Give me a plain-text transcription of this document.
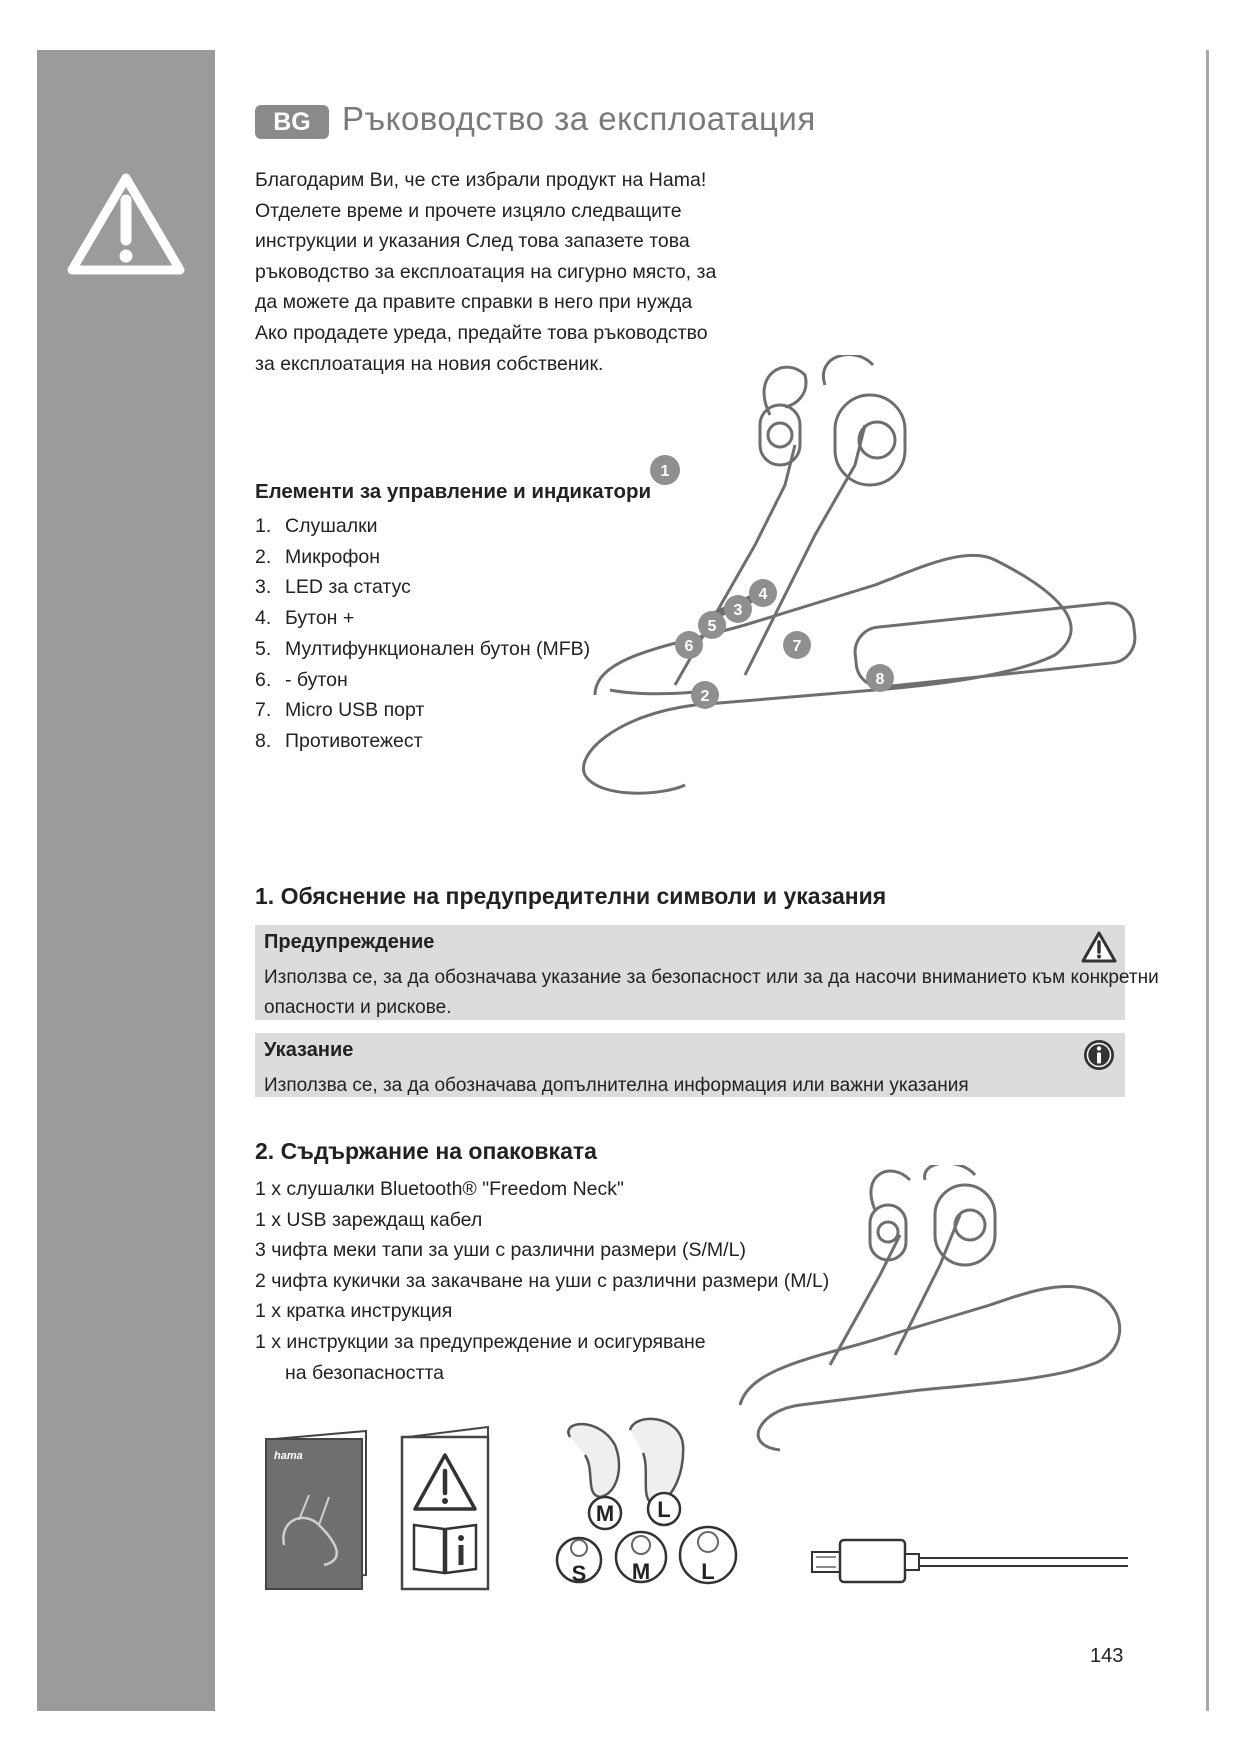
BG Ръководство за експлоатация

Благодарим Ви, че сте избрали продукт на Hama!

Отделете време и прочете изцяло следващите инструкции и указания След това запазете това ръководство за експлоатация на сигурно място, за да можете да правите справки в него при нужда Ако продадете уреда, предайте това ръководство за експлоатация на новия собственик.

Елементи за управление и индикатори
1. Слушалки
2. Микрофон
3. LED за статус
4. Бутон +
5. Мултифункционален бутон (MFB)
6. - бутон
7. Micro USB порт
8. Противотежест
1
2
3
4
5
6	7
8
1. Обяснение на предупредителни символи и указания
Предупреждение
Използва се, за да обозначава указание за безопасност или за да насочи вниманието към конкретни опасности и рискове.
Указание
Използва се, за да обозначава допълнителна информация или важни указания
2. Съдържание на опаковката
1 x слушалки Bluetooth® "Freedom Neck"
1 x USB зареждащ кабел
3 чифта меки тапи за уши с различни размери (S/M/L)
2 чифта кукички за закачване на уши с различни размери (M/L)
1 x кратка инструкция
1 x инструкции за предупреждение и осигуряване
на безопасността
hama
M L
S M L
143
